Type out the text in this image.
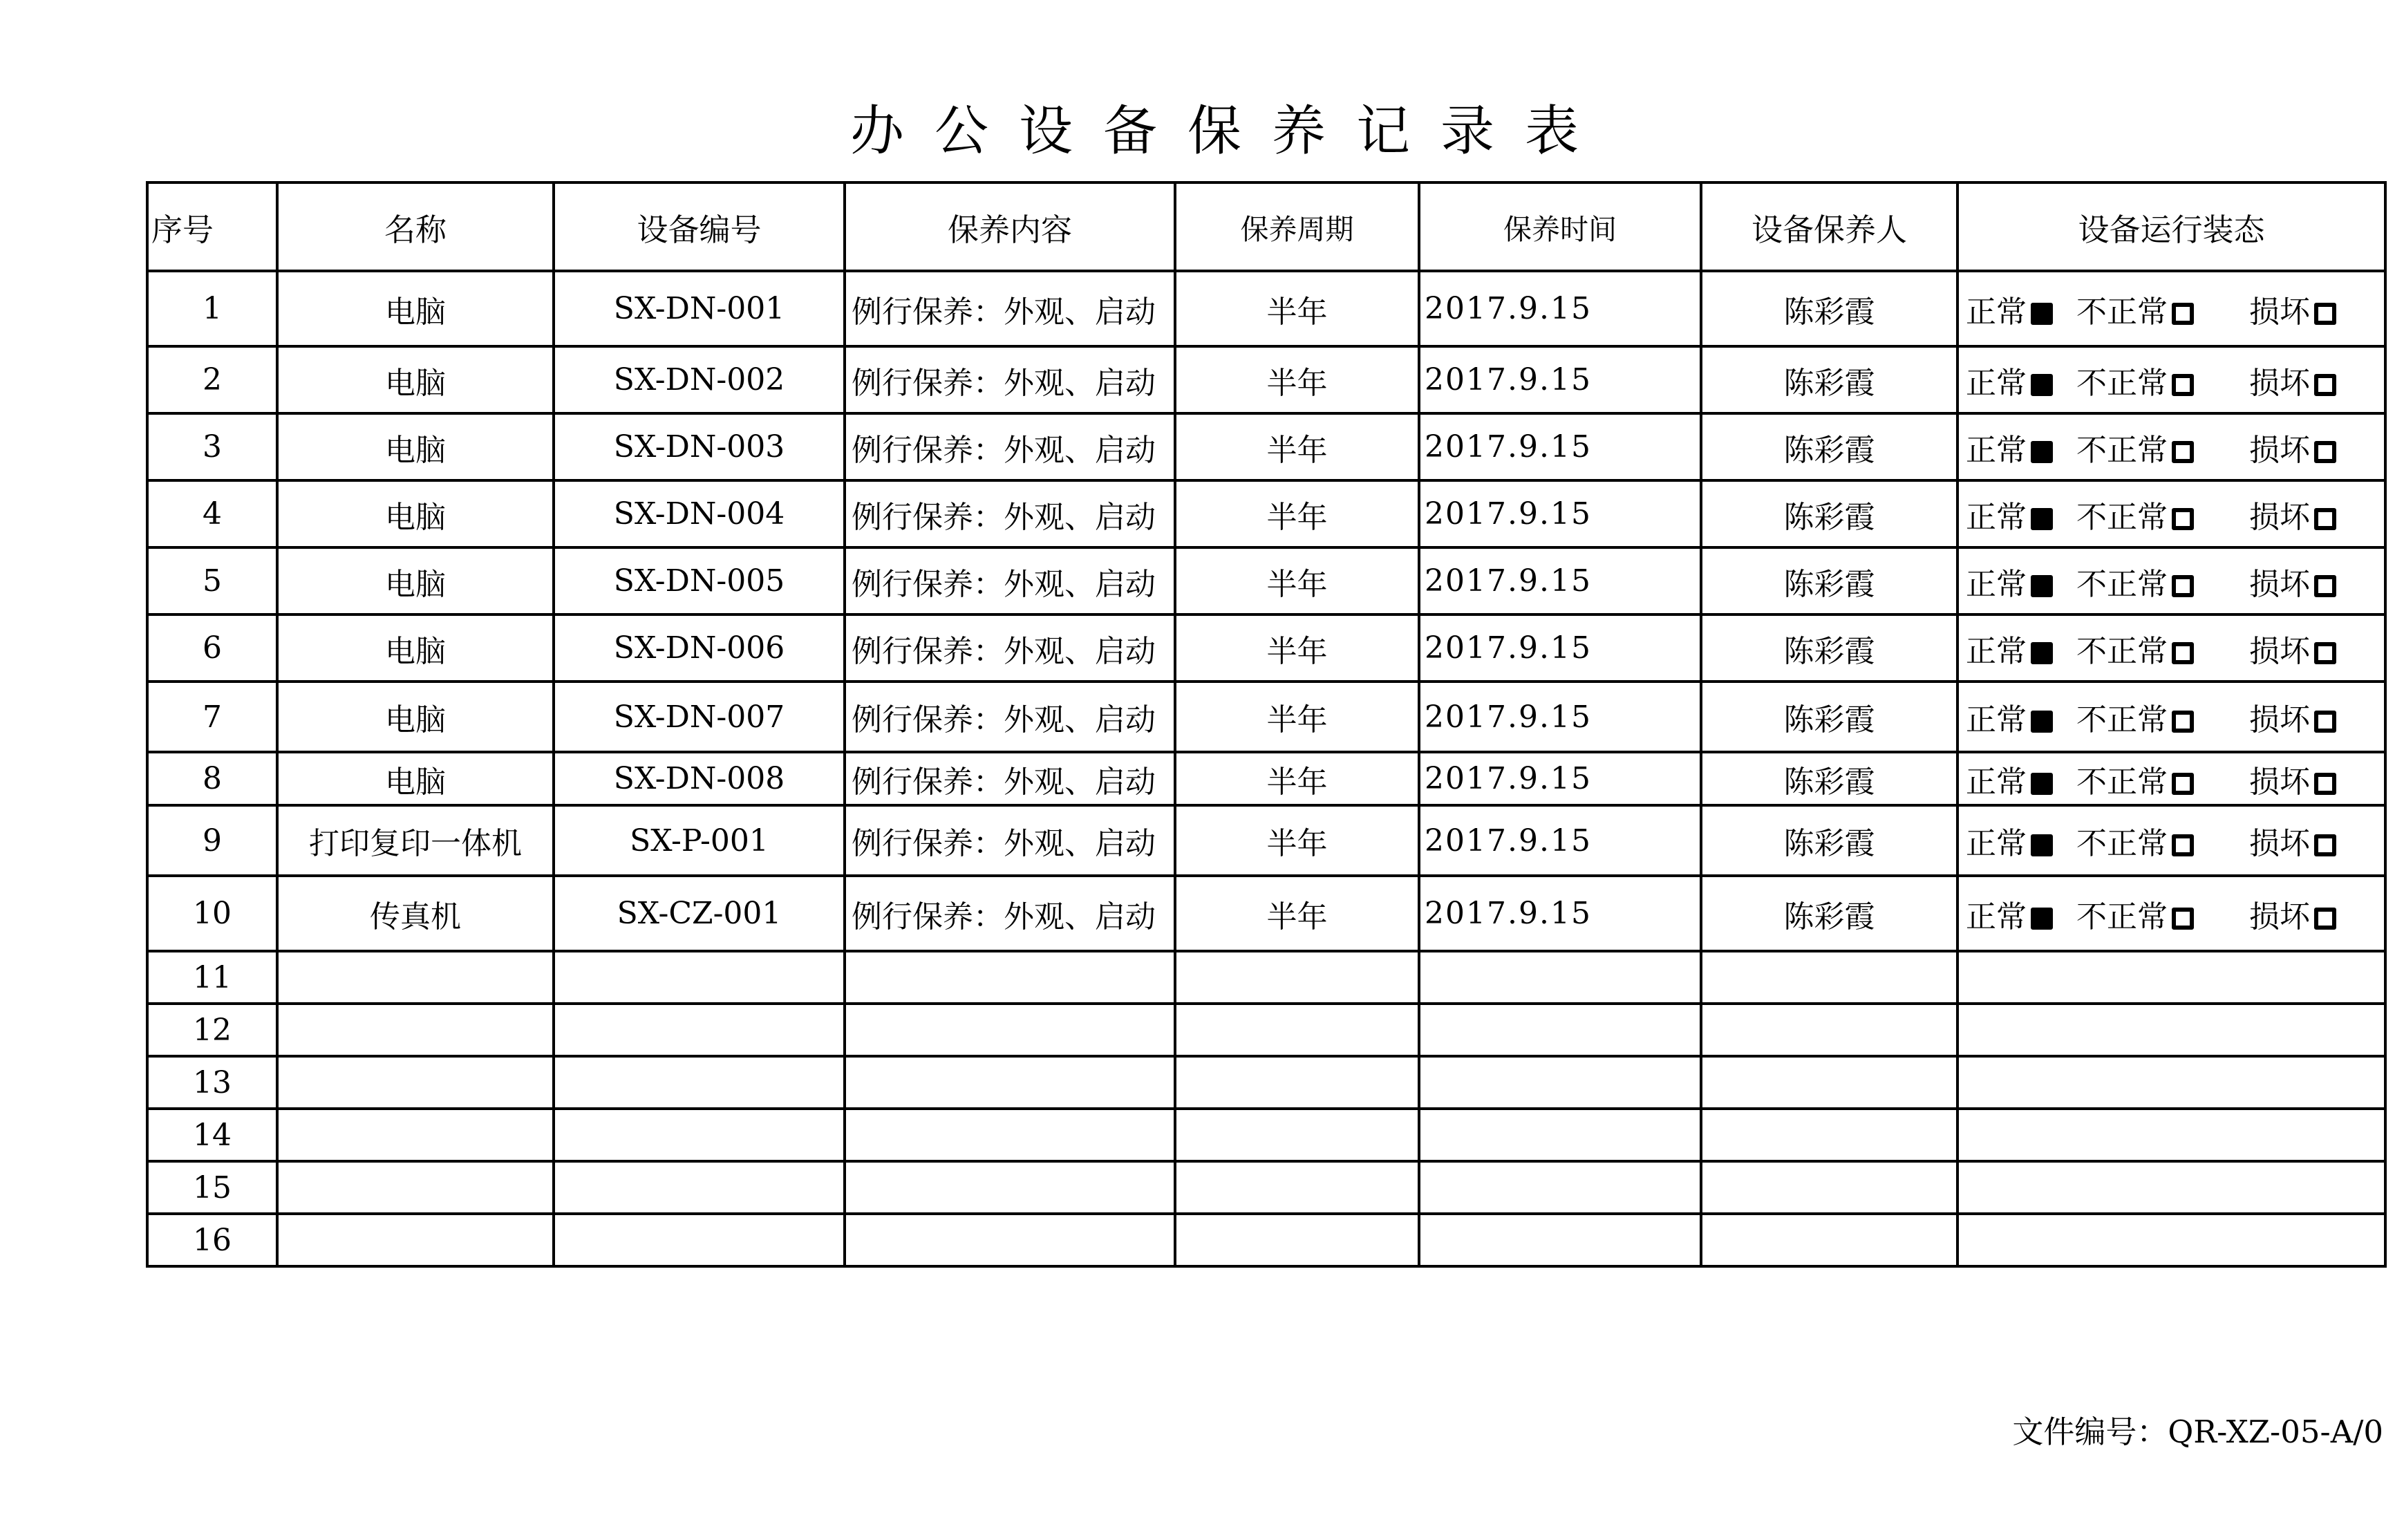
办公设备保养记录表
序号	名称	设备编号	保养内容	保养周期	保养时间	设备保养人	设备运行装态
1	电脑	SX-DN-001	例行保养：外观、启动	半年	2017.9.15	陈彩霞	正常 不正常 损坏
2	电脑	SX-DN-002	例行保养：外观、启动	半年	2017.9.15	陈彩霞	正常 不正常 损坏
3	电脑	SX-DN-003	例行保养：外观、启动	半年	2017.9.15	陈彩霞	正常 不正常 损坏
4	电脑	SX-DN-004	例行保养：外观、启动	半年	2017.9.15	陈彩霞	正常 不正常 损坏
5	电脑	SX-DN-005	例行保养：外观、启动	半年	2017.9.15	陈彩霞	正常 不正常 损坏
6	电脑	SX-DN-006	例行保养：外观、启动	半年	2017.9.15	陈彩霞	正常 不正常 损坏
7	电脑	SX-DN-007	例行保养：外观、启动	半年	2017.9.15	陈彩霞	正常 不正常 损坏
8	电脑	SX-DN-008	例行保养：外观、启动	半年	2017.9.15	陈彩霞	正常 不正常 损坏
9	打印复印一体机	SX-P-001	例行保养：外观、启动	半年	2017.9.15	陈彩霞	正常 不正常 损坏
10	传真机	SX-CZ-001	例行保养：外观、启动	半年	2017.9.15	陈彩霞	正常 不正常 损坏
11							
12							
13							
14							
15							
16							
文件编号：QR-XZ-05-A/0
